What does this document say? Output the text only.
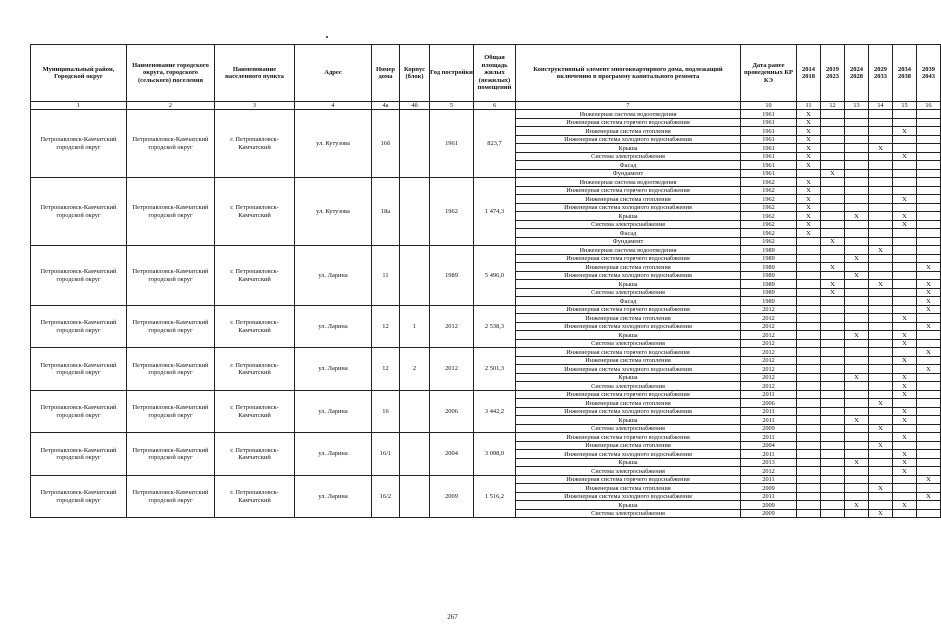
Муниципальный район, Городской округ	Наименование городского округа, городского (сельского) поселения	Наименование населенного пункта	Адрес	Номер дома	Корпус (блок)	Год постройки	Общая площадь жилых (нежилых) помещений	Конструктивный элемент многоквартирного дома, подлежащий включению в программу капитального ремонта	Дата ранее проведенных КР КЭ	2014 2018	2019 2023	2024 2028	2029 2033	2034 2038	2039 2043
1	2	3	4	4а	4б	5	6	7	10	11	12	13	14	15	16
Петропавловск-Камчатский городской округ	Петропавловск-Камчатский городской округ	г. Петропавловск-Камчатский	ул. Кутузова	16б		1961	823,7	Инженерная система водоотведения	1961	X					
								Инженерная система горячего водоснабжения	1961	X					
								Инженерная система отопления	1961	X				X	
								Инженерная система холодного водоснабжения	1961	X					
								Крыша	1961	X			X		
								Система электроснабжения	1961	X				X	
								Фасад	1961	X					
								Фундамент	1961		X				
Петропавловск-Камчатский городской округ	Петропавловск-Камчатский городской округ	г. Петропавловск-Камчатский	ул. Кутузова	18а		1962	1 474,3	Инженерная система водоотведения	1962	X					
								Инженерная система горячего водоснабжения	1962	X					
								Инженерная система отопления	1962	X				X	
								Инженерная система холодного водоснабжения	1962	X					
								Крыша	1962	X		X		X	
								Система электроснабжения	1962	X				X	
								Фасад	1962	X					
								Фундамент	1962		X				
Петропавловск-Камчатский городской округ	Петропавловск-Камчатский городской округ	г. Петропавловск-Камчатский	ул. Ларина	11		1989	5 496,0	Инженерная система водоотведения	1989				X		
								Инженерная система горячего водоснабжения	1989			X			
								Инженерная система отопления	1989		X				X
								Инженерная система холодного водоснабжения	1989			X			
								Крыша	1989		X		X		X
								Система электроснабжения	1989		X				X
								Фасад	1989						X
Петропавловск-Камчатский городской округ	Петропавловск-Камчатский городской округ	г. Петропавловск-Камчатский	ул. Ларина	12	1	2012	2 538,3	Инженерная система горячего водоснабжения	2012						X
								Инженерная система отопления	2012					X	
								Инженерная система холодного водоснабжения	2012						X
								Крыша	2012			X		X	
								Система электроснабжения	2012					X	
Петропавловск-Камчатский городской округ	Петропавловск-Камчатский городской округ	г. Петропавловск-Камчатский	ул. Ларина	12	2	2012	2 501,3	Инженерная система горячего водоснабжения	2012						X
								Инженерная система отопления	2012					X	
								Инженерная система холодного водоснабжения	2012						X
								Крыша	2012			X		X	
								Система электроснабжения	2012					X	
Петропавловск-Камчатский городской округ	Петропавловск-Камчатский городской округ	г. Петропавловск-Камчатский	ул. Ларина	16		2006	3 442,2	Инженерная система горячего водоснабжения	2011					X	
								Инженерная система отопления	2006				X		
								Инженерная система холодного водоснабжения	2011					X	
								Крыша	2011			X		X	
								Система электроснабжения	2009				X		
Петропавловск-Камчатский городской округ	Петропавловск-Камчатский городской округ	г. Петропавловск-Камчатский	ул. Ларина	16/1		2004	3 098,0	Инженерная система горячего водоснабжения	2011					X	
								Инженерная система отопления	2004				X		
								Инженерная система холодного водоснабжения	2011					X	
								Крыша	2013			X		X	
								Система электроснабжения	2012					X	
Петропавловск-Камчатский городской округ	Петропавловск-Камчатский городской округ	г. Петропавловск-Камчатский	ул. Ларина	16/2		2009	1 516,2	Инженерная система горячего водоснабжения	2011						X
								Инженерная система отопления	2009				X		
								Инженерная система холодного водоснабжения	2011						X
								Крыша	2009			X		X	
								Система электроснабжения	2009				X		
267
